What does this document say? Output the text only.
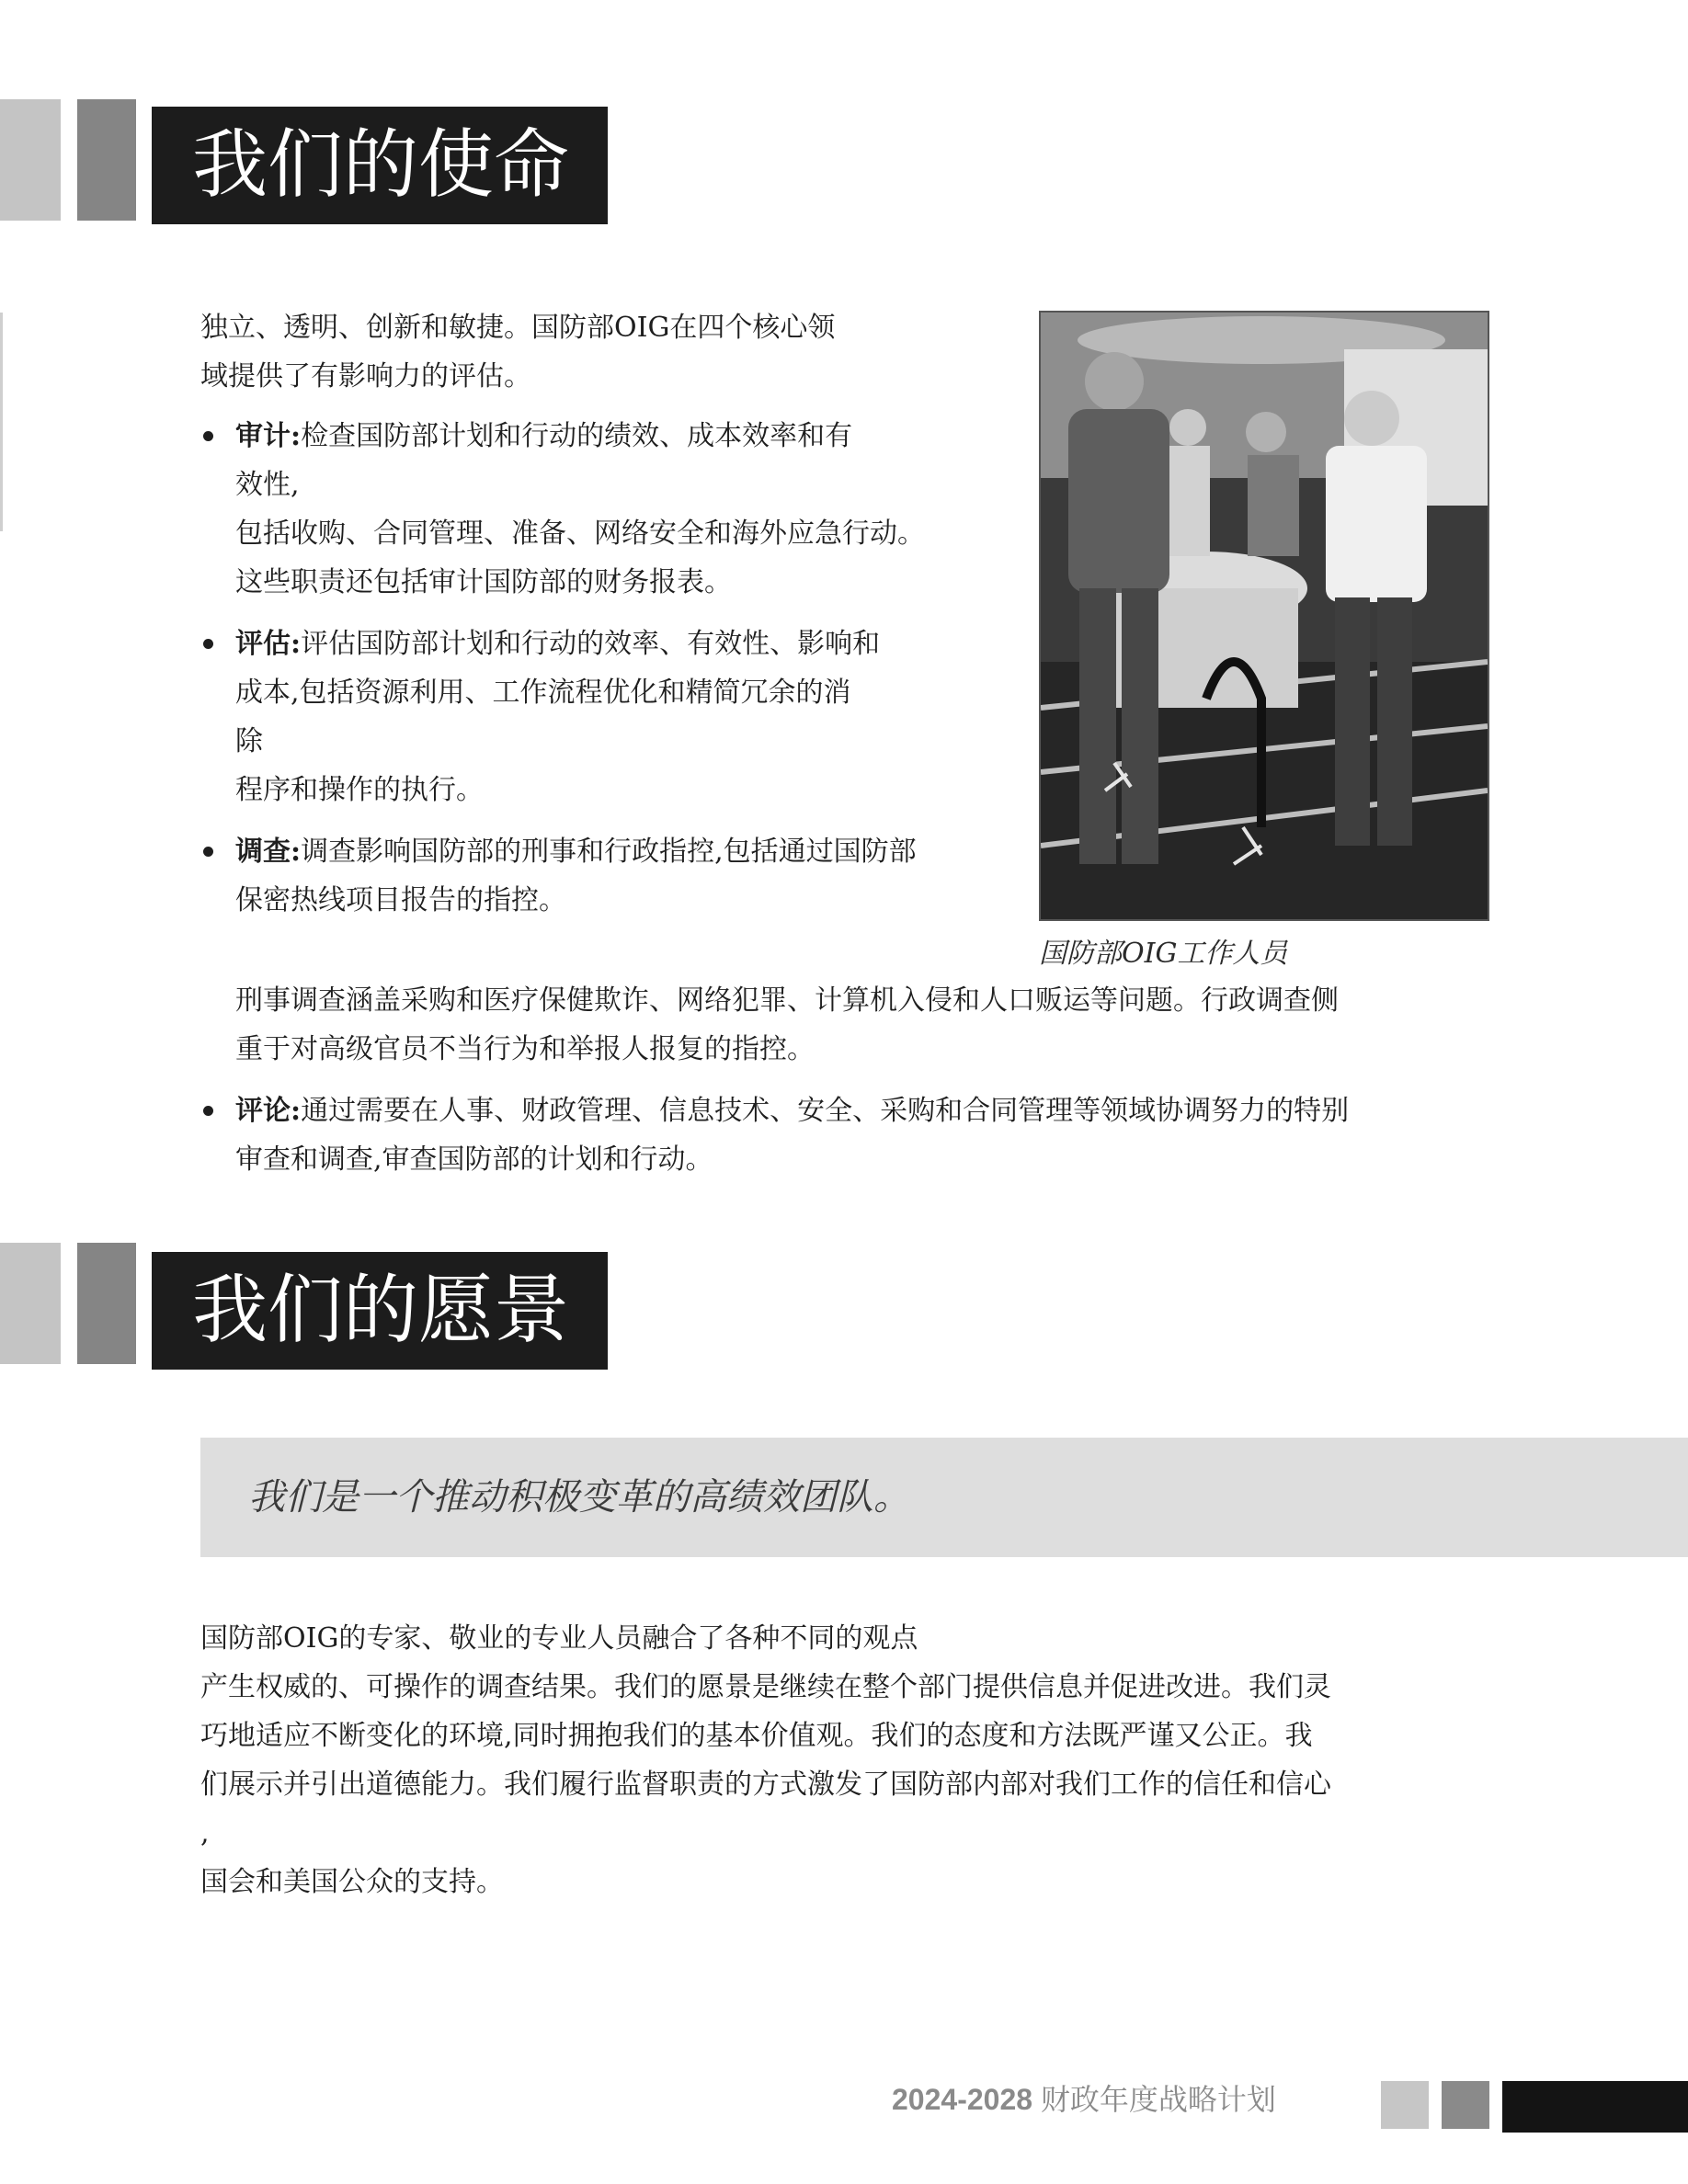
我们的使命

独立、透明、创新和敏捷。国防部OIG在四个核心领
域提供了有影响力的评估。

审计:检查国防部计划和行动的绩效、成本效率和有
效性,
包括收购、合同管理、准备、网络安全和海外应急行动。
这些职责还包括审计国防部的财务报表。
评估:评估国防部计划和行动的效率、有效性、影响和
成本,包括资源利用、工作流程优化和精简冗余的消
除
程序和操作的执行。
调查:调查影响国防部的刑事和行政指控,包括通过国防部
保密热线项目报告的指控。
国防部OIG工作人员

刑事调查涵盖采购和医疗保健欺诈、网络犯罪、计算机入侵和人口贩运等问题。行政调查侧
重于对高级官员不当行为和举报人报复的指控。

评论:通过需要在人事、财政管理、信息技术、安全、采购和合同管理等领域协调努力的特别
审查和调查,审查国防部的计划和行动。
我们的愿景
我们是一个推动积极变革的高绩效团队。

国防部OIG的专家、敬业的专业人员融合了各种不同的观点
产生权威的、可操作的调查结果。我们的愿景是继续在整个部门提供信息并促进改进。我们灵
巧地适应不断变化的环境,同时拥抱我们的基本价值观。我们的态度和方法既严谨又公正。我
们展示并引出道德能力。我们履行监督职责的方式激发了国防部内部对我们工作的信任和信心
,
国会和美国公众的支持。

2024-2028 财政年度战略计划
